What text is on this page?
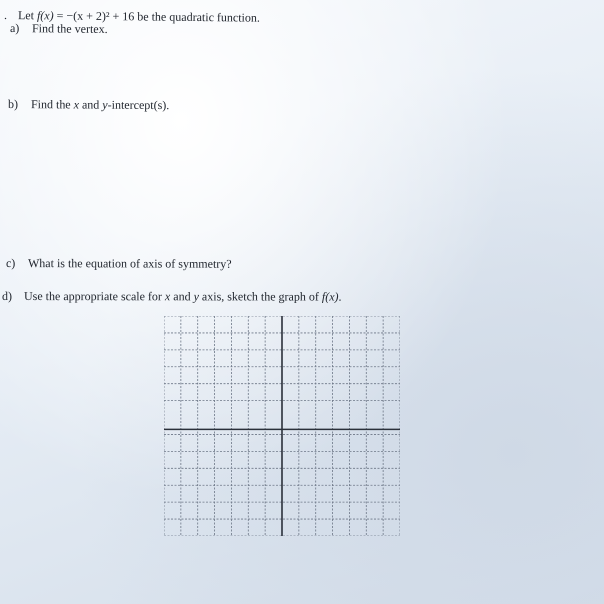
. Let f(x) = −(x + 2)² + 16 be the quadratic function.
a) Find the vertex.
b) Find the x and y-intercept(s).
c) What is the equation of axis of symmetry?
d) Use the appropriate scale for x and y axis, sketch the graph of f(x).
